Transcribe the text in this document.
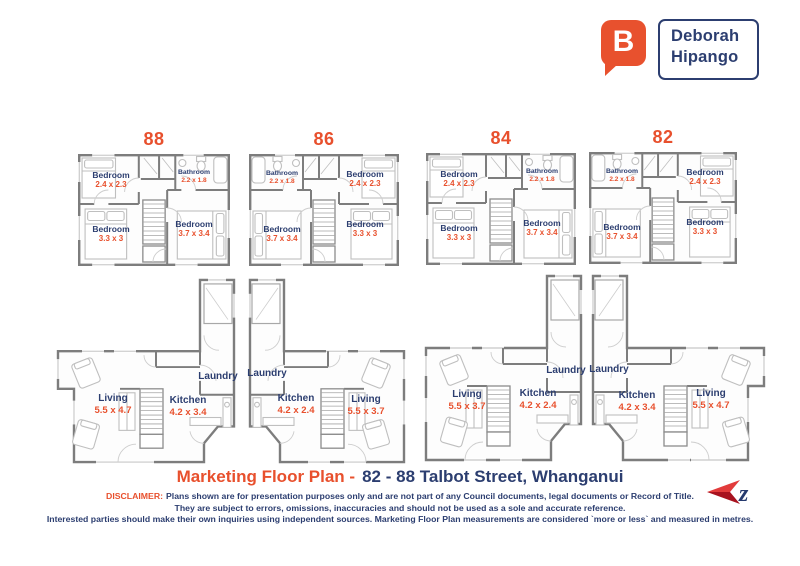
B Deborah
Hipango
88	86	84	82
Bedroom
2.4 x 2.3
Bathroom
2.2 x 1.8
Bedroom
3.3 x 3
Bedroom
3.7 x 3.4
Bathroom
2.2 x 1.8
Bedroom
2.4 x 2.3
Bedroom
3.7 x 3.4
Bedroom
3.3 x 3
Bedroom
2.4 x 2.3
Bathroom
2.2 x 1.8
Bedroom
3.3 x 3
Bedroom
3.7 x 3.4
Bathroom
2.2 x 1.8
Bedroom
2.4 x 2.3
Bedroom
3.7 x 3.4
Bedroom
3.3 x 3
Living
5.5 x 4.7
Kitchen
4.2 x 3.4
Laundry
Living
5.5 x 3.7
Kitchen
4.2 x 2.4
Laundry
Living
5.5 x 3.7
Kitchen
4.2 x 2.4
Laundry
Living
5.5 x 4.7
Kitchen
4.2 x 3.4
Laundry
Marketing Floor Plan - 82 - 88 Talbot Street, Whanganui
DISCLAIMER: Plans shown are for presentation purposes only and are not part of any Council documents, legal documents or Record of Title.
They are subject to errors, omissions, inaccuracies and should not be used as a sole and accurate reference.
Interested parties should make their own inquiries using independent sources. Marketing Floor Plan measurements are considered `more or less` and measured in metres.
z
